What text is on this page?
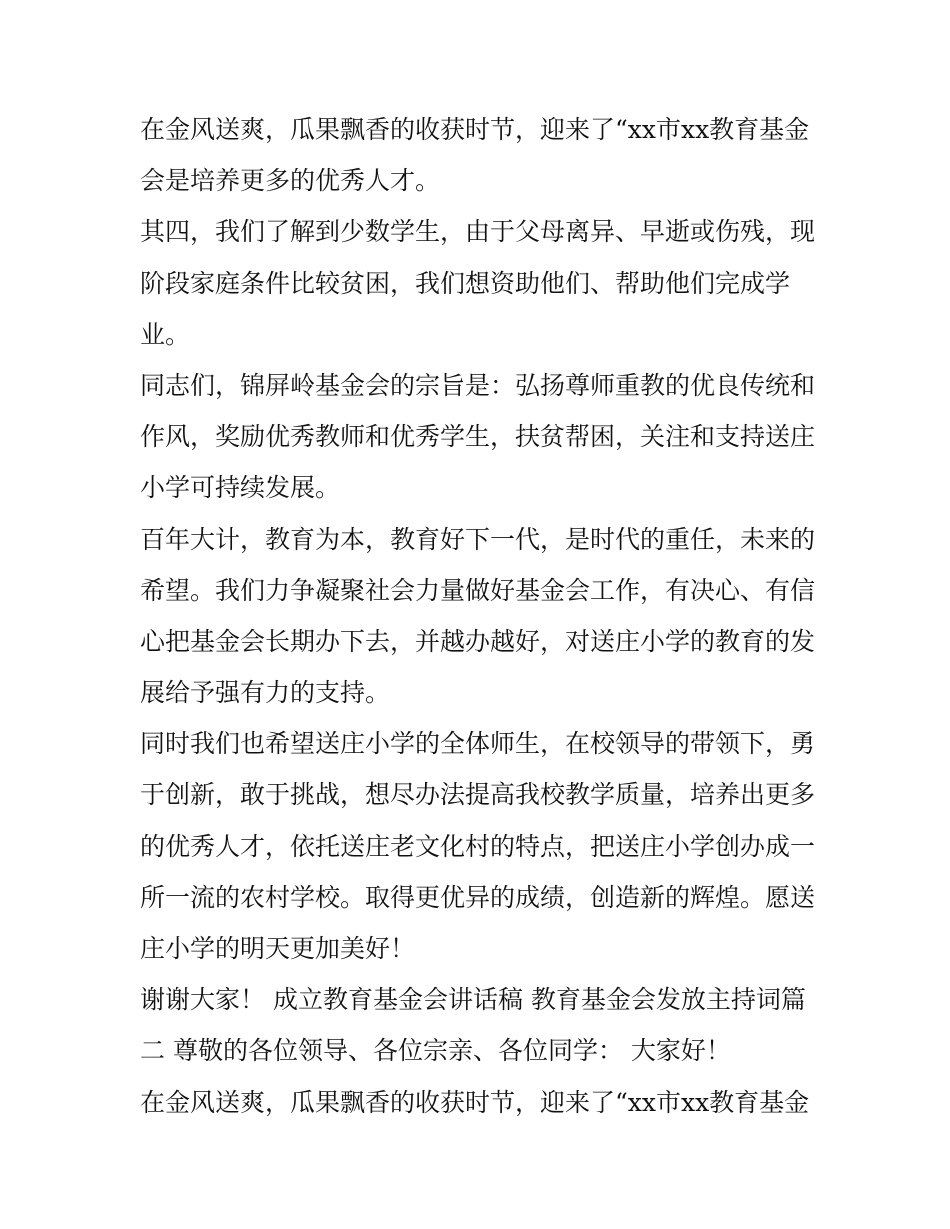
在金风送爽，瓜果飘香的收获时节，迎来了“xx市xx教育基金
会是培养更多的优秀人才。
其四，我们了解到少数学生，由于父母离异、早逝或伤残，现
阶段家庭条件比较贫困，我们想资助他们、帮助他们完成学
业。
同志们，锦屏岭基金会的宗旨是：弘扬尊师重教的优良传统和
作风，奖励优秀教师和优秀学生，扶贫帮困，关注和支持送庄
小学可持续发展。
百年大计，教育为本，教育好下一代，是时代的重任，未来的
希望。我们力争凝聚社会力量做好基金会工作，有决心、有信
心把基金会长期办下去，并越办越好，对送庄小学的教育的发
展给予强有力的支持。
同时我们也希望送庄小学的全体师生，在校领导的带领下，勇
于创新，敢于挑战，想尽办法提高我校教学质量，培养出更多
的优秀人才，依托送庄老文化村的特点，把送庄小学创办成一
所一流的农村学校。取得更优异的成绩，创造新的辉煌。愿送
庄小学的明天更加美好！
谢谢大家！ 成立教育基金会讲话稿 教育基金会发放主持词篇
二 尊敬的各位领导、各位宗亲、各位同学： 大家好！
在金风送爽，瓜果飘香的收获时节，迎来了“xx市xx教育基金
